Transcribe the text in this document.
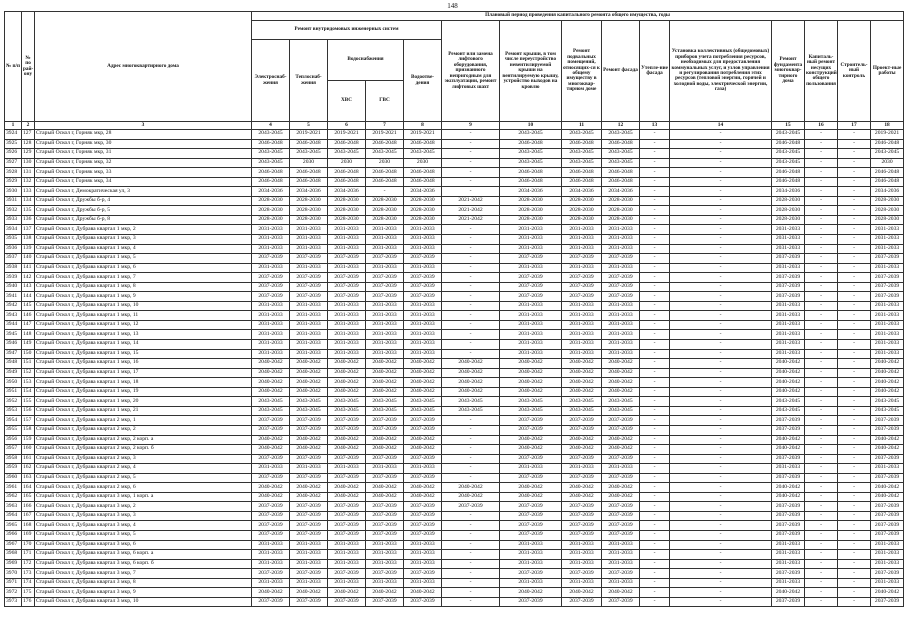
148
№ п/п	№ по рай-ону	Адрес многоквартирного дома	Плановый период проведения капитального ремонта общего имущества, годы															
			Ремонт внутридомовых инженерных систем					Ремонт или замена лифтового оборудования, признанного непригодным для эксплуатации, ремонт лифтовых шахт	Ремонт крыши, в том числе переустройство невентилируемой крыши на вентилируемую крышу, устройство выходов на кровлю	Ремонт подвальных помещений, относящих-ся к общему имуществу в многоквар-тирном доме	Ремонт фасада	Утепле-ние фасада	Установка коллективных (общедомовых) приборов учета потребления ресурсов, необходимых для предоставления коммунальных услуг, и узлов управления и регулирования потребления этих ресурсов (тепловой энергии, горячей и холодной воды, электрической энергии, газа)	Ремонт фундамента многоквар-тирного дома	Капиталь-ный ремонт несущих конструкций общего пользования	Строитель-ный контроль	Проект-ные работы	
			Электроснаб-жения	Теплоснаб-жения	Водоснабжения		Водоотве-дения											
					ХВС	ГВС												
1	2	3	4	5	6	7	8	9	10	11	12	13	14	15	16	17	18	
3924	127	Старый Оскол г, Горняк мкр, 28	2043-2045	2019-2021	2019-2021	2019-2021	2019-2021	-	2043-2045	2043-2045	2043-2045	-	-	2043-2045	-	-	2019-2021	
3925	128	Старый Оскол г, Горняк мкр, 30	2046-2048	2046-2048	2046-2048	2046-2048	2046-2048	-	2046-2048	2046-2048	2046-2048	-	-	2046-2048	-	-	2046-2048	
3926	129	Старый Оскол г, Горняк мкр, 31	2043-2045	2043-2045	2043-2045	2043-2045	2043-2045	-	2043-2045	2043-2045	2043-2045	-	-	2043-2045	-	-	2043-2045	
3927	130	Старый Оскол г, Горняк мкр, 32	2043-2045	2030	2030	2030	2030	-	2043-2045	2043-2045	2043-2045	-	-	2043-2045	-	-	2030	
3928	131	Старый Оскол г, Горняк мкр, 33	2046-2048	2046-2048	2046-2048	2046-2048	2046-2048	-	2046-2048	2046-2048	2046-2048	-	-	2046-2048	-	-	2046-2048	
3929	132	Старый Оскол г, Горняк мкр, 34	2046-2048	2046-2048	2046-2048	2046-2048	2046-2048	-	2046-2048	2046-2048	2046-2048	-	-	2046-2048	-	-	2046-2048	
3930	133	Старый Оскол г, Демократическая ул, 3	2034-2036	2034-2036	2034-2036	-	2034-2036	-	2034-2036	2034-2036	2034-2036	-	-	2034-2036	-	-	2034-2036	
3931	134	Старый Оскол г, Дружбы б-р, 4	2028-2030	2028-2030	2028-2030	2028-2030	2028-2030	2021-2042	2028-2030	2028-2030	2028-2030	-	-	2028-2030	-	-	2028-2030	
3932	135	Старый Оскол г, Дружбы б-р, 5	2028-2030	2028-2030	2028-2030	2028-2030	2028-2030	2021-2042	2028-2030	2028-2030	2028-2030	-	-	2028-2030	-	-	2028-2030	
3933	136	Старый Оскол г, Дружбы б-р, 8	2028-2030	2028-2030	2028-2030	2028-2030	2028-2030	2021-2042	2028-2030	2028-2030	2028-2030	-	-	2028-2030	-	-	2028-2030	
3934	137	Старый Оскол г, Дубрава квартал 1 мкр, 2	2031-2033	2031-2033	2031-2033	2031-2033	2031-2033	-	2031-2033	2031-2033	2031-2033	-	-	2031-2033	-	-	2031-2033	
3935	138	Старый Оскол г, Дубрава квартал 1 мкр, 3	2031-2033	2031-2033	2031-2033	2031-2033	2031-2033	-	2031-2033	2031-2033	2031-2033	-	-	2031-2033	-	-	2031-2033	
3936	139	Старый Оскол г, Дубрава квартал 1 мкр, 4	2031-2033	2031-2033	2031-2033	2031-2033	2031-2033	-	2031-2033	2031-2033	2031-2033	-	-	2031-2033	-	-	2031-2033	
3937	140	Старый Оскол г, Дубрава квартал 1 мкр, 5	2037-2039	2037-2039	2037-2039	2037-2039	2037-2039	-	2037-2039	2037-2039	2037-2039	-	-	2037-2039	-	-	2037-2039	
3938	141	Старый Оскол г, Дубрава квартал 1 мкр, 6	2031-2033	2031-2033	2031-2033	2031-2033	2031-2033	-	2031-2033	2031-2033	2031-2033	-	-	2031-2033	-	-	2031-2033	
3939	142	Старый Оскол г, Дубрава квартал 1 мкр, 7	2037-2039	2037-2039	2037-2039	2037-2039	2037-2039	-	2037-2039	2037-2039	2037-2039	-	-	2037-2039	-	-	2037-2039	
3940	143	Старый Оскол г, Дубрава квартал 1 мкр, 8	2037-2039	2037-2039	2037-2039	2037-2039	2037-2039	-	2037-2039	2037-2039	2037-2039	-	-	2037-2039	-	-	2037-2039	
3941	144	Старый Оскол г, Дубрава квартал 1 мкр, 9	2037-2039	2037-2039	2037-2039	2037-2039	2037-2039	-	2037-2039	2037-2039	2037-2039	-	-	2037-2039	-	-	2037-2039	
3942	145	Старый Оскол г, Дубрава квартал 1 мкр, 10	2031-2033	2031-2033	2031-2033	2031-2033	2031-2033	-	2031-2033	2031-2033	2031-2033	-	-	2031-2033	-	-	2031-2033	
3943	146	Старый Оскол г, Дубрава квартал 1 мкр, 11	2031-2033	2031-2033	2031-2033	2031-2033	2031-2033	-	2031-2033	2031-2033	2031-2033	-	-	2031-2033	-	-	2031-2033	
3944	147	Старый Оскол г, Дубрава квартал 1 мкр, 12	2031-2033	2031-2033	2031-2033	2031-2033	2031-2033	-	2031-2033	2031-2033	2031-2033	-	-	2031-2033	-	-	2031-2033	
3945	148	Старый Оскол г, Дубрава квартал 1 мкр, 13	2031-2033	2031-2033	2031-2033	2031-2033	2031-2033	-	2031-2033	2031-2033	2031-2033	-	-	2031-2033	-	-	2031-2033	
3946	149	Старый Оскол г, Дубрава квартал 1 мкр, 14	2031-2033	2031-2033	2031-2033	2031-2033	2031-2033	-	2031-2033	2031-2033	2031-2033	-	-	2031-2033	-	-	2031-2033	
3947	150	Старый Оскол г, Дубрава квартал 1 мкр, 15	2031-2033	2031-2033	2031-2033	2031-2033	2031-2033	-	2031-2033	2031-2033	2031-2033	-	-	2031-2033	-	-	2031-2033	
3948	151	Старый Оскол г, Дубрава квартал 1 мкр, 16	2040-2042	2040-2042	2040-2042	2040-2042	2040-2042	2040-2042	2040-2042	2040-2042	2040-2042	-	-	2040-2042	-	-	2040-2042	
3949	152	Старый Оскол г, Дубрава квартал 1 мкр, 17	2040-2042	2040-2042	2040-2042	2040-2042	2040-2042	2040-2042	2040-2042	2040-2042	2040-2042	-	-	2040-2042	-	-	2040-2042	
3950	153	Старый Оскол г, Дубрава квартал 1 мкр, 18	2040-2042	2040-2042	2040-2042	2040-2042	2040-2042	2040-2042	2040-2042	2040-2042	2040-2042	-	-	2040-2042	-	-	2040-2042	
3951	154	Старый Оскол г, Дубрава квартал 1 мкр, 19	2040-2042	2040-2042	2040-2042	2040-2042	2040-2042	2040-2042	2040-2042	2040-2042	2040-2042	-	-	2040-2042	-	-	2040-2042	
3952	155	Старый Оскол г, Дубрава квартал 1 мкр, 20	2043-2045	2043-2045	2043-2045	2043-2045	2043-2045	2043-2045	2043-2045	2043-2045	2043-2045	-	-	2043-2045	-	-	2043-2045	
3953	156	Старый Оскол г, Дубрава квартал 1 мкр, 21	2043-2045	2043-2045	2043-2045	2043-2045	2043-2045	2043-2045	2043-2045	2043-2045	2043-2045	-	-	2043-2045	-	-	2043-2045	
3954	157	Старый Оскол г, Дубрава квартал 2 мкр, 1	2037-2039	2037-2039	2037-2039	2037-2039	2037-2039	-	2037-2039	2037-2039	2037-2039	-	-	2037-2039	-	-	2037-2039	
3955	158	Старый Оскол г, Дубрава квартал 2 мкр, 2	2037-2039	2037-2039	2037-2039	2037-2039	2037-2039	-	2037-2039	2037-2039	2037-2039	-	-	2037-2039	-	-	2037-2039	
3956	159	Старый Оскол г, Дубрава квартал 2 мкр, 2 корп. а	2040-2042	2040-2042	2040-2042	2040-2042	2040-2042	-	2040-2042	2040-2042	2040-2042	-	-	2040-2042	-	-	2040-2042	
3957	160	Старый Оскол г, Дубрава квартал 2 мкр, 2 корп. б	2040-2042	2040-2042	2040-2042	2040-2042	2040-2042	-	2040-2042	2040-2042	2040-2042	-	-	2040-2042	-	-	2040-2042	
3958	161	Старый Оскол г, Дубрава квартал 2 мкр, 3	2037-2039	2037-2039	2037-2039	2037-2039	2037-2039	-	2037-2039	2037-2039	2037-2039	-	-	2037-2039	-	-	2037-2039	
3959	162	Старый Оскол г, Дубрава квартал 2 мкр, 4	2031-2033	2031-2033	2031-2033	2031-2033	2031-2033	-	2031-2033	2031-2033	2031-2033	-	-	2031-2033	-	-	2031-2033	
3960	163	Старый Оскол г, Дубрава квартал 2 мкр, 5	2037-2039	2037-2039	2037-2039	2037-2039	2037-2039	-	2037-2039	2037-2039	2037-2039	-	-	2037-2039	-	-	2037-2039	
3961	164	Старый Оскол г, Дубрава квартал 2 мкр, 6	2040-2042	2040-2042	2040-2042	2040-2042	2040-2042	2040-2042	2040-2042	2040-2042	2040-2042	-	-	2040-2042	-	-	2040-2042	
3962	165	Старый Оскол г, Дубрава квартал 3 мкр, 1 корп. а	2040-2042	2040-2042	2040-2042	2040-2042	2040-2042	2040-2042	2040-2042	2040-2042	2040-2042	-	-	2040-2042	-	-	2040-2042	
3963	166	Старый Оскол г, Дубрава квартал 3 мкр, 2	2037-2039	2037-2039	2037-2039	2037-2039	2037-2039	2037-2039	2037-2039	2037-2039	2037-2039	-	-	2037-2039	-	-	2037-2039	
3964	167	Старый Оскол г, Дубрава квартал 3 мкр, 3	2037-2039	2037-2039	2037-2039	2037-2039	2037-2039	-	2037-2039	2037-2039	2037-2039	-	-	2037-2039	-	-	2037-2039	
3965	168	Старый Оскол г, Дубрава квартал 3 мкр, 4	2037-2039	2037-2039	2037-2039	2037-2039	2037-2039	-	2037-2039	2037-2039	2037-2039	-	-	2037-2039	-	-	2037-2039	
3966	169	Старый Оскол г, Дубрава квартал 3 мкр, 5	2037-2039	2037-2039	2037-2039	2037-2039	2037-2039	-	2037-2039	2037-2039	2037-2039	-	-	2037-2039	-	-	2037-2039	
3967	170	Старый Оскол г, Дубрава квартал 3 мкр, 6	2031-2033	2031-2033	2031-2033	2031-2033	2031-2033	-	2031-2033	2031-2033	2031-2033	-	-	2031-2033	-	-	2031-2033	
3968	171	Старый Оскол г, Дубрава квартал 3 мкр, 6 корп. а	2031-2033	2031-2033	2031-2033	2031-2033	2031-2033	-	2031-2033	2031-2033	2031-2033	-	-	2031-2033	-	-	2031-2033	
3969	172	Старый Оскол г, Дубрава квартал 3 мкр, 6 корп. б	2031-2033	2031-2033	2031-2033	2031-2033	2031-2033	-	2031-2033	2031-2033	2031-2033	-	-	2031-2033	-	-	2031-2033	
3970	173	Старый Оскол г, Дубрава квартал 3 мкр, 7	2037-2039	2037-2039	2037-2039	2037-2039	2037-2039	-	2037-2039	2037-2039	2037-2039	-	-	2037-2039	-	-	2037-2039	
3971	174	Старый Оскол г, Дубрава квартал 3 мкр, 8	2031-2033	2031-2033	2031-2033	2031-2033	2031-2033	-	2031-2033	2031-2033	2031-2033	-	-	2031-2033	-	-	2031-2033	
3972	175	Старый Оскол г, Дубрава квартал 3 мкр, 9	2040-2042	2040-2042	2040-2042	2040-2042	2040-2042	-	2040-2042	2040-2042	2040-2042	-	-	2040-2042	-	-	2040-2042	
3973	176	Старый Оскол г, Дубрава квартал 3 мкр, 10	2037-2039	2037-2039	2037-2039	2037-2039	2037-2039	-	2037-2039	2037-2039	2037-2039	-	-	2037-2039	-	-	2037-2039	
